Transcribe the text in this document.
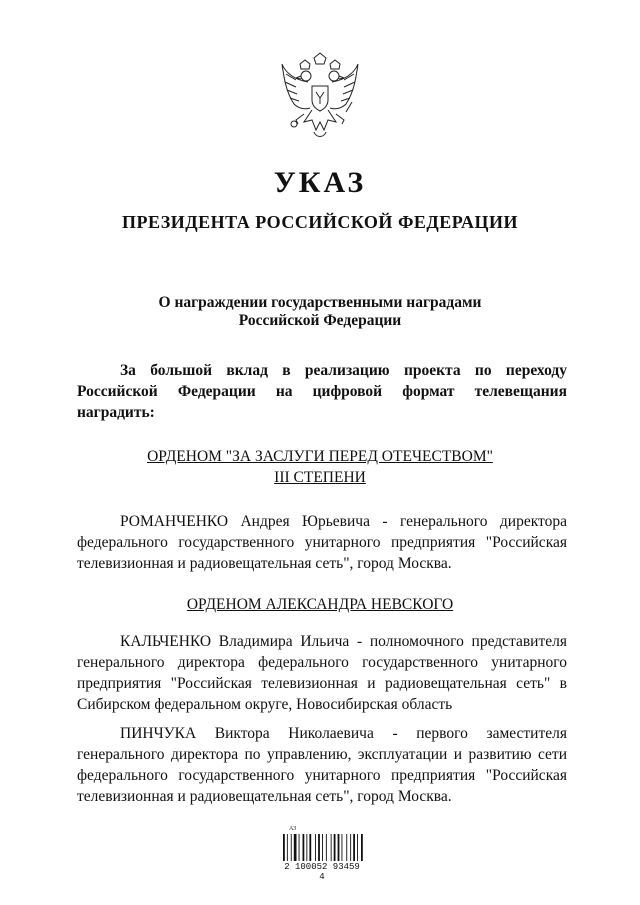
УКАЗ
ПРЕЗИДЕНТА РОССИЙСКОЙ ФЕДЕРАЦИИ
О награждении государственными наградами
Российской Федерации
За большой вклад в реализацию проекта по переходу Российской Федерации на цифровой формат телевещания наградить:
ОРДЕНОМ "ЗА ЗАСЛУГИ ПЕРЕД ОТЕЧЕСТВОМ"
III СТЕПЕНИ
РОМАНЧЕНКО Андрея Юрьевича - генерального директора федерального государственного унитарного предприятия "Российская телевизионная и радиовещательная сеть", город Москва.
ОРДЕНОМ АЛЕКСАНДРА НЕВСКОГО
КАЛЬЧЕНКО Владимира Ильича - полномочного представителя генерального директора федерального государственного унитарного предприятия "Российская телевизионная и радиовещательная сеть" в Сибирском федеральном округе, Новосибирская область
ПИНЧУКА Виктора Николаевича - первого заместителя генерального директора по управлению, эксплуатации и развитию сети федерального государственного унитарного предприятия "Российская телевизионная и радиовещательная сеть", город Москва.
АЗ
2 100052 93459 4
